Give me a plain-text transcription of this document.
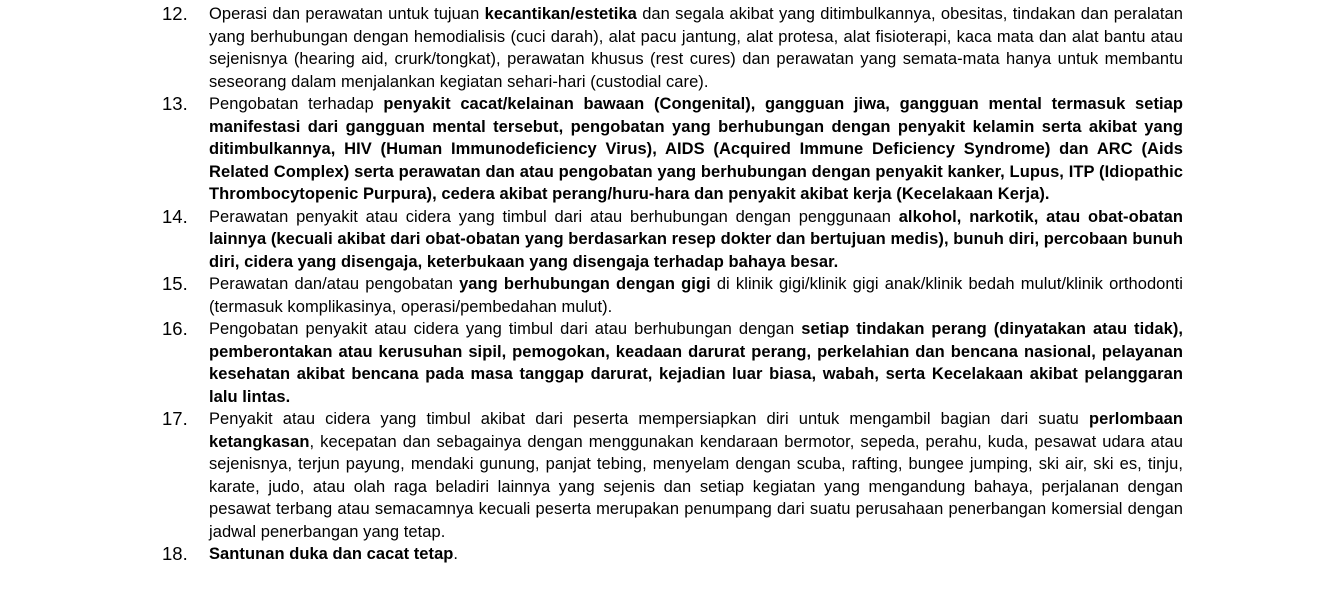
12.	Operasi dan perawatan untuk tujuan kecantikan/estetika dan segala akibat yang ditimbulkannya, obesitas, tindakan dan peralatan yang berhubungan dengan hemodialisis (cuci darah), alat pacu jantung, alat protesa, alat fisioterapi, kaca mata dan alat bantu atau sejenisnya (hearing aid, crurk/tongkat), perawatan khusus (rest cures) dan perawatan yang semata-mata hanya untuk membantu seseorang dalam menjalankan kegiatan sehari-hari (custodial care).
13.	Pengobatan terhadap penyakit cacat/kelainan bawaan (Congenital), gangguan jiwa, gangguan mental termasuk setiap manifestasi dari gangguan mental tersebut, pengobatan yang berhubungan dengan penyakit kelamin serta akibat yang ditimbulkannya, HIV (Human Immunodeficiency Virus), AIDS (Acquired Immune Deficiency Syndrome) dan ARC (Aids Related Complex) serta perawatan dan atau pengobatan yang berhubungan dengan penyakit kanker, Lupus, ITP (Idiopathic Thrombocytopenic Purpura), cedera akibat perang/huru-hara dan penyakit akibat kerja (Kecelakaan Kerja).
14.	Perawatan penyakit atau cidera yang timbul dari atau berhubungan dengan penggunaan alkohol, narkotik, atau obat-obatan lainnya (kecuali akibat dari obat-obatan yang berdasarkan resep dokter dan bertujuan medis), bunuh diri, percobaan bunuh diri, cidera yang disengaja, keterbukaan yang disengaja terhadap bahaya besar.
15.	Perawatan dan/atau pengobatan yang berhubungan dengan gigi di klinik gigi/klinik gigi anak/klinik bedah mulut/klinik orthodonti (termasuk komplikasinya, operasi/pembedahan mulut).
16.	Pengobatan penyakit atau cidera yang timbul dari atau berhubungan dengan setiap tindakan perang (dinyatakan atau tidak), pemberontakan atau kerusuhan sipil, pemogokan, keadaan darurat perang, perkelahian dan bencana nasional, pelayanan kesehatan akibat bencana pada masa tanggap darurat, kejadian luar biasa, wabah, serta Kecelakaan akibat pelanggaran lalu lintas.
17.	Penyakit atau cidera yang timbul akibat dari peserta mempersiapkan diri untuk mengambil bagian dari suatu perlombaan ketangkasan, kecepatan dan sebagainya dengan menggunakan kendaraan bermotor, sepeda, perahu, kuda, pesawat udara atau sejenisnya, terjun payung, mendaki gunung, panjat tebing, menyelam dengan scuba, rafting, bungee jumping, ski air, ski es, tinju, karate, judo, atau olah raga beladiri lainnya yang sejenis dan setiap kegiatan yang mengandung bahaya, perjalanan dengan pesawat terbang atau semacamnya kecuali peserta merupakan penumpang dari suatu perusahaan penerbangan komersial dengan jadwal penerbangan yang tetap.
18.	Santunan duka dan cacat tetap.
